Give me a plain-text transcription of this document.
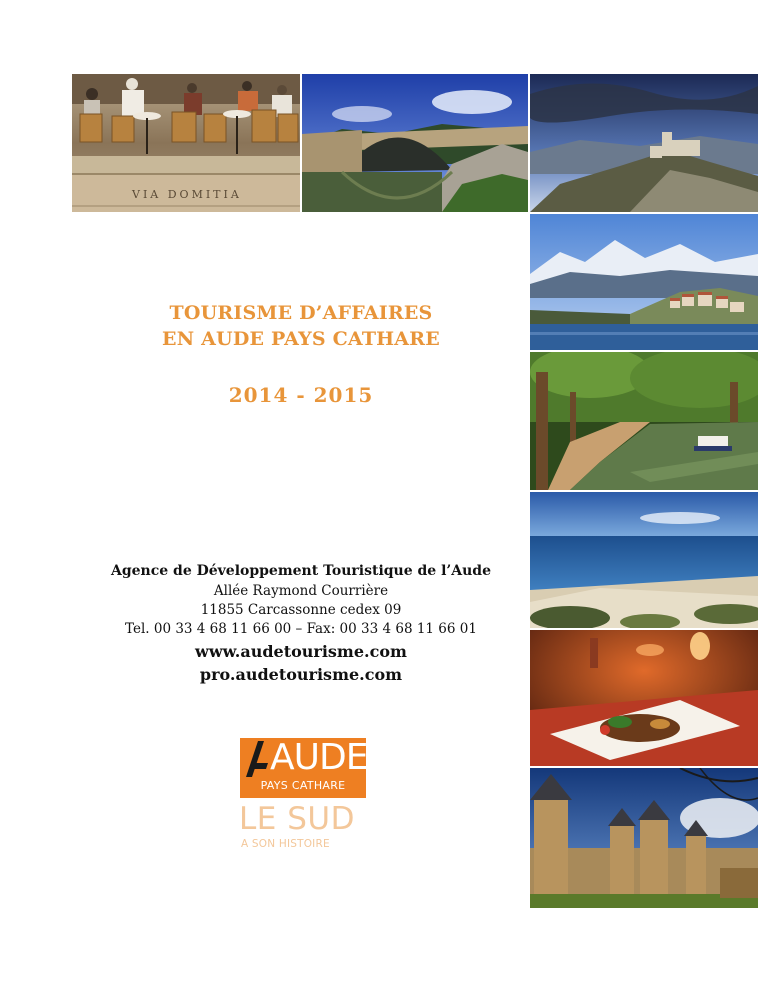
VIA DOMITIA
TOURISME D’AFFAIRES
EN AUDE PAYS CATHARE
2014 - 2015
Agence de Développement Touristique de l’Aude
Allée Raymond Courrière
11855 Carcassonne cedex 09
Tel. 00 33 4 68 11 66 00 – Fax: 00 33 4 68 11 66 01
www.audetourisme.com
pro.audetourisme.com
AUDE
PAYS CATHARE
LE SUD
A SON HISTOIRE
